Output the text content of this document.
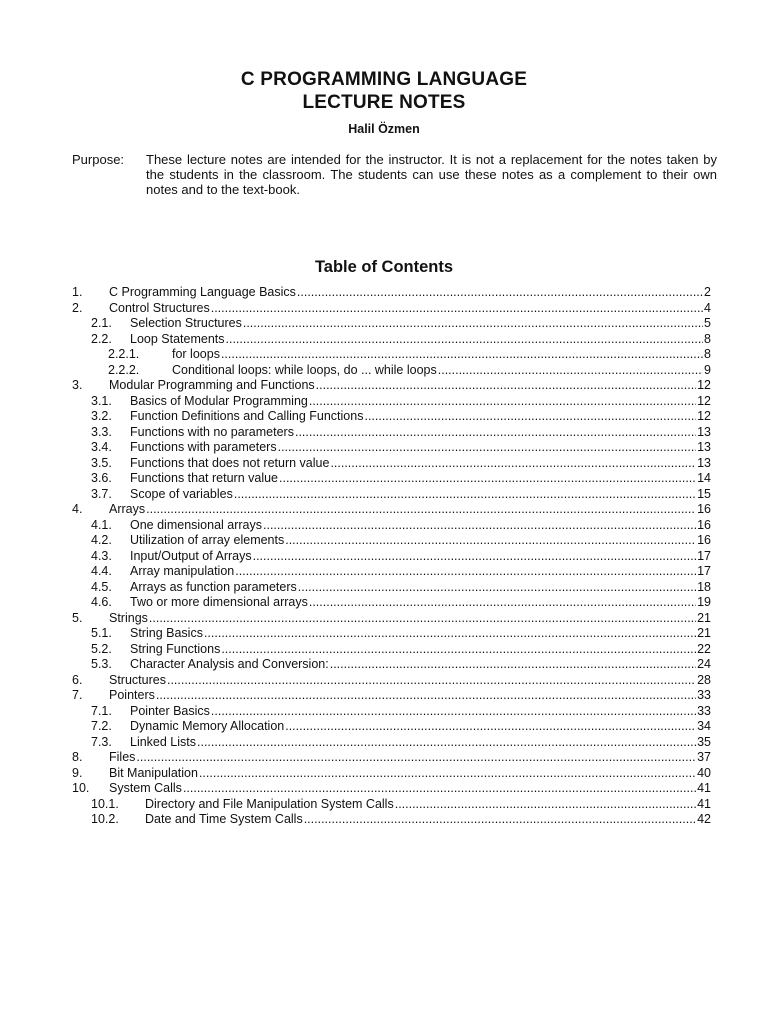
C PROGRAMMING LANGUAGE
LECTURE NOTES
Halil Özmen
Purpose: These lecture notes are intended for the instructor. It is not a replacement for the notes taken by the students in the classroom. The students can use these notes as a complement to their own notes and to the text-book.
Table of Contents
1.	C Programming Language Basics .....	2
2.	Control Structures .....	4
2.1.	Selection Structures .....	5
2.2.	Loop Statements .....	8
2.2.1.	for loops .....	8
2.2.2.	Conditional loops: while loops, do ... while loops .....	9
3.	Modular Programming and Functions .....	12
3.1.	Basics of Modular Programming .....	12
3.2.	Function Definitions and Calling Functions .....	12
3.3.	Functions with no parameters .....	13
3.4.	Functions with parameters .....	13
3.5.	Functions that does not return value .....	13
3.6.	Functions that return value .....	14
3.7.	Scope of variables .....	15
4.	Arrays .....	16
4.1.	One dimensional arrays .....	16
4.2.	Utilization of array elements .....	16
4.3.	Input/Output of Arrays .....	17
4.4.	Array manipulation .....	17
4.5.	Arrays as function parameters .....	18
4.6.	Two or more dimensional arrays .....	19
5.	Strings .....	21
5.1.	String Basics .....	21
5.2.	String Functions .....	22
5.3.	Character Analysis and Conversion: .....	24
6.	Structures .....	28
7.	Pointers .....	33
7.1.	Pointer Basics .....	33
7.2.	Dynamic Memory Allocation .....	34
7.3.	Linked Lists .....	35
8.	Files .....	37
9.	Bit Manipulation .....	40
10.	System Calls .....	41
10.1.	Directory and File Manipulation System Calls .....	41
10.2.	Date and Time System Calls .....	42
